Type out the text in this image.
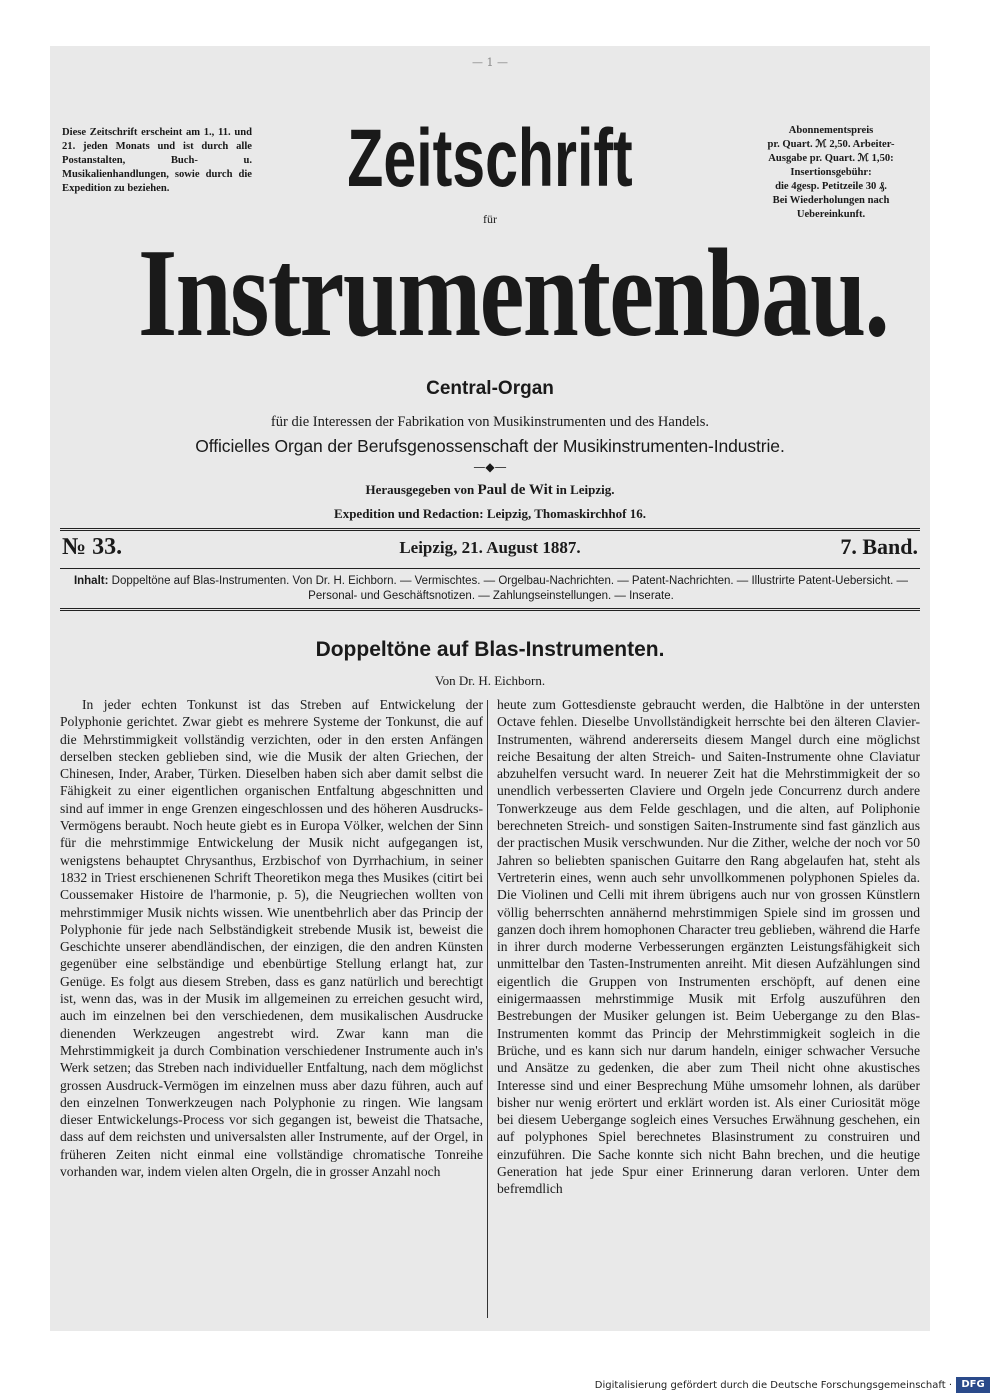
— 1 —
Diese Zeitschrift erscheint am 1., 11. und 21. jeden Monats und ist durch alle Postanstalten, Buch- u. Musikalienhandlungen, sowie durch die Expedition zu beziehen.
Abonnementspreis
pr. Quart. ℳ 2,50. Arbeiter-
Ausgabe pr. Quart. ℳ 1,50:
Insertionsgebühr:
die 4gesp. Petitzeile 30 ₰.
Bei Wiederholungen nach
Uebereinkunft.
Zeitschrift
für
Instrumentenbau.
Central-Organ
für die Interessen der Fabrikation von Musikinstrumenten und des Handels.
Officielles Organ der Berufsgenossenschaft der Musikinstrumenten-Industrie.
—◆—
Herausgegeben von Paul de Wit in Leipzig.
Expedition und Redaction: Leipzig, Thomaskirchhof 16.
№ 33.	Leipzig, 21. August 1887.	7. Band.
Inhalt: Doppeltöne auf Blas-Instrumenten. Von Dr. H. Eichborn. — Vermischtes. — Orgelbau-Nachrichten. — Patent-Nachrichten. — Illustrirte Patent-Uebersicht. — Personal- und Geschäftsnotizen. — Zahlungseinstellungen. — Inserate.
Doppeltöne auf Blas-Instrumenten.
Von Dr. H. Eichborn.
In jeder echten Tonkunst ist das Streben auf Entwickelung der Polyphonie gerichtet. Zwar giebt es mehrere Systeme der Tonkunst, die auf die Mehrstimmigkeit vollständig verzichten, oder in den ersten Anfängen derselben stecken geblieben sind, wie die Musik der alten Griechen, der Chinesen, Inder, Araber, Türken. Dieselben haben sich aber damit selbst die Fähigkeit zu einer eigentlichen organischen Entfaltung abgeschnitten und sind auf immer in enge Grenzen eingeschlossen und des höheren Ausdrucks-Vermögens beraubt. Noch heute giebt es in Europa Völker, welchen der Sinn für die mehrstimmige Entwickelung der Musik nicht aufgegangen ist, wenigstens behauptet Chrysanthus, Erzbischof von Dyrrhachium, in seiner 1832 in Triest erschienenen Schrift Theoretikon mega thes Musikes (citirt bei Coussemaker Histoire de l'harmonie, p. 5), die Neugriechen wollten von mehrstimmiger Musik nichts wissen. Wie unentbehrlich aber das Princip der Polyphonie für jede nach Selbständigkeit strebende Musik ist, beweist die Geschichte unserer abendländischen, der einzigen, die den andren Künsten gegenüber eine selbständige und ebenbürtige Stellung erlangt hat, zur Genüge. Es folgt aus diesem Streben, dass es ganz natürlich und berechtigt ist, wenn das, was in der Musik im allgemeinen zu erreichen gesucht wird, auch im einzelnen bei den verschiedenen, dem musikalischen Ausdrucke dienenden Werkzeugen angestrebt wird. Zwar kann man die Mehrstimmigkeit ja durch Combination verschiedener Instrumente auch in's Werk setzen; das Streben nach individueller Entfaltung, nach dem möglichst grossen Ausdruck-Vermögen im einzelnen muss aber dazu führen, auch auf den einzelnen Tonwerkzeugen nach Polyphonie zu ringen. Wie langsam dieser Entwickelungs-Process vor sich gegangen ist, beweist die Thatsache, dass auf dem reichsten und universalsten aller Instrumente, auf der Orgel, in früheren Zeiten nicht einmal eine vollständige chromatische Tonreihe vorhanden war, indem vielen alten Orgeln, die in grosser Anzahl noch
heute zum Gottesdienste gebraucht werden, die Halbtöne in der untersten Octave fehlen. Dieselbe Unvollständigkeit herrschte bei den älteren Clavier-Instrumenten, während andererseits diesem Mangel durch eine möglichst reiche Besaitung der alten Streich- und Saiten-Instrumente ohne Claviatur abzuhelfen versucht ward. In neuerer Zeit hat die Mehrstimmigkeit der so unendlich verbesserten Claviere und Orgeln jede Concurrenz durch andere Tonwerkzeuge aus dem Felde geschlagen, und die alten, auf Poliphonie berechneten Streich- und sonstigen Saiten-Instrumente sind fast gänzlich aus der practischen Musik verschwunden. Nur die Zither, welche der noch vor 50 Jahren so beliebten spanischen Guitarre den Rang abgelaufen hat, steht als Vertreterin eines, wenn auch sehr unvollkommenen polyphonen Spieles da. Die Violinen und Celli mit ihrem übrigens auch nur von grossen Künstlern völlig beherrschten annähernd mehrstimmigen Spiele sind im grossen und ganzen doch ihrem homophonen Character treu geblieben, während die Harfe in ihrer durch moderne Verbesserungen ergänzten Leistungsfähigkeit sich unmittelbar den Tasten-Instrumenten anreiht. Mit diesen Aufzählungen sind eigentlich die Gruppen von Instrumenten erschöpft, auf denen eine einigermaassen mehrstimmige Musik mit Erfolg auszuführen den Bestrebungen der Musiker gelungen ist. Beim Uebergange zu den Blas-Instrumenten kommt das Princip der Mehrstimmigkeit sogleich in die Brüche, und es kann sich nur darum handeln, einiger schwacher Versuche und Ansätze zu gedenken, die aber zum Theil nicht ohne akustisches Interesse sind und einer Besprechung Mühe umsomehr lohnen, als darüber bisher nur wenig erörtert und erklärt worden ist. Als einer Curiosität möge bei diesem Uebergange sogleich eines Versuches Erwähnung geschehen, ein auf polyphones Spiel berechnetes Blasinstrument zu construiren und einzuführen. Die Sache konnte sich nicht Bahn brechen, und die heutige Generation hat jede Spur einer Erinnerung daran verloren. Unter dem befremdlich
Digitalisierung gefördert durch die Deutsche Forschungsgemeinschaft · DFG
